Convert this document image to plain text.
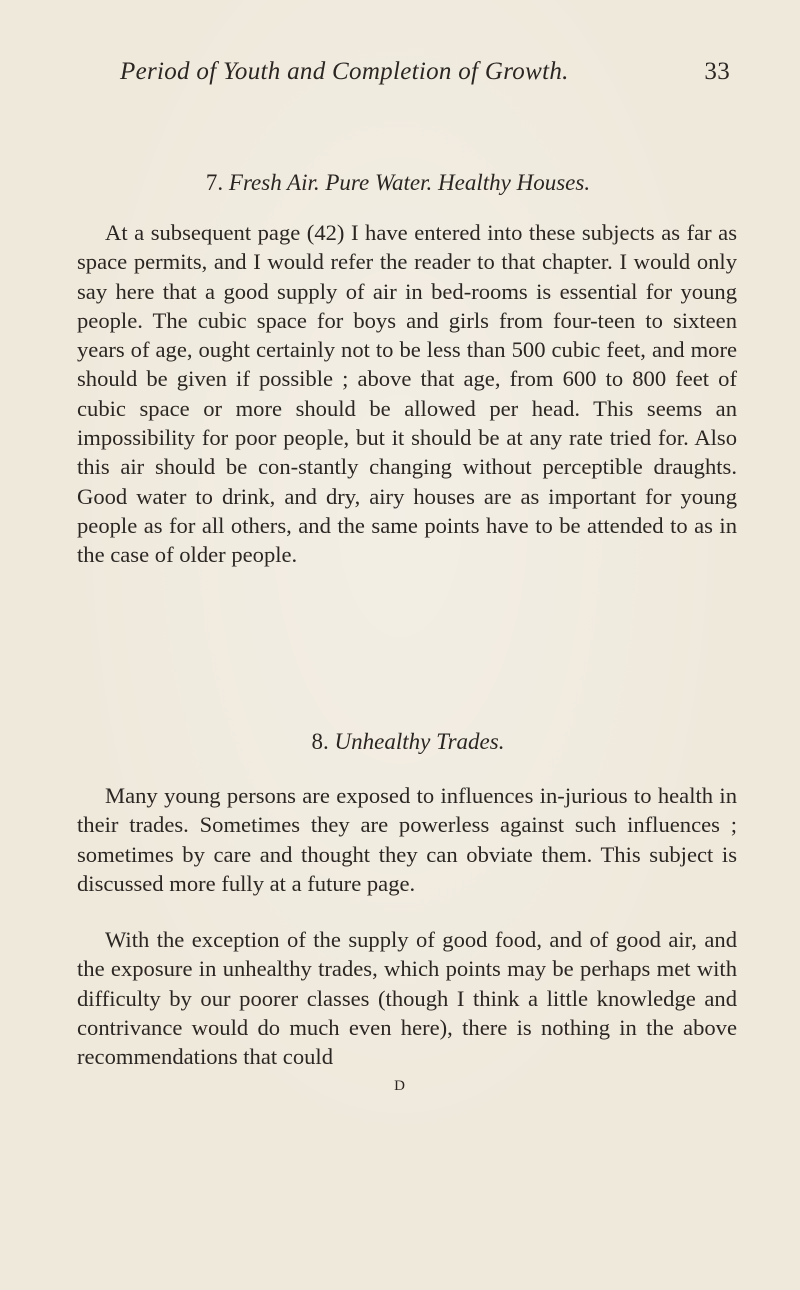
Period of Youth and Completion of Growth.	33
7. Fresh Air. Pure Water. Healthy Houses.

At a subsequent page (42) I have entered into these subjects as far as space permits, and I would refer the reader to that chapter. I would only say here that a good supply of air in bed-rooms is essential for young people. The cubic space for boys and girls from four-teen to sixteen years of age, ought certainly not to be less than 500 cubic feet, and more should be given if possible ; above that age, from 600 to 800 feet of cubic space or more should be allowed per head. This seems an impossibility for poor people, but it should be at any rate tried for. Also this air should be con-stantly changing without perceptible draughts. Good water to drink, and dry, airy houses are as important for young people as for all others, and the same points have to be attended to as in the case of older people.

8. Unhealthy Trades.

Many young persons are exposed to influences in-jurious to health in their trades. Sometimes they are powerless against such influences ; sometimes by care and thought they can obviate them. This subject is discussed more fully at a future page.

With the exception of the supply of good food, and of good air, and the exposure in unhealthy trades, which points may be perhaps met with difficulty by our poorer classes (though I think a little knowledge and contrivance would do much even here), there is nothing in the above recommendations that could

D
